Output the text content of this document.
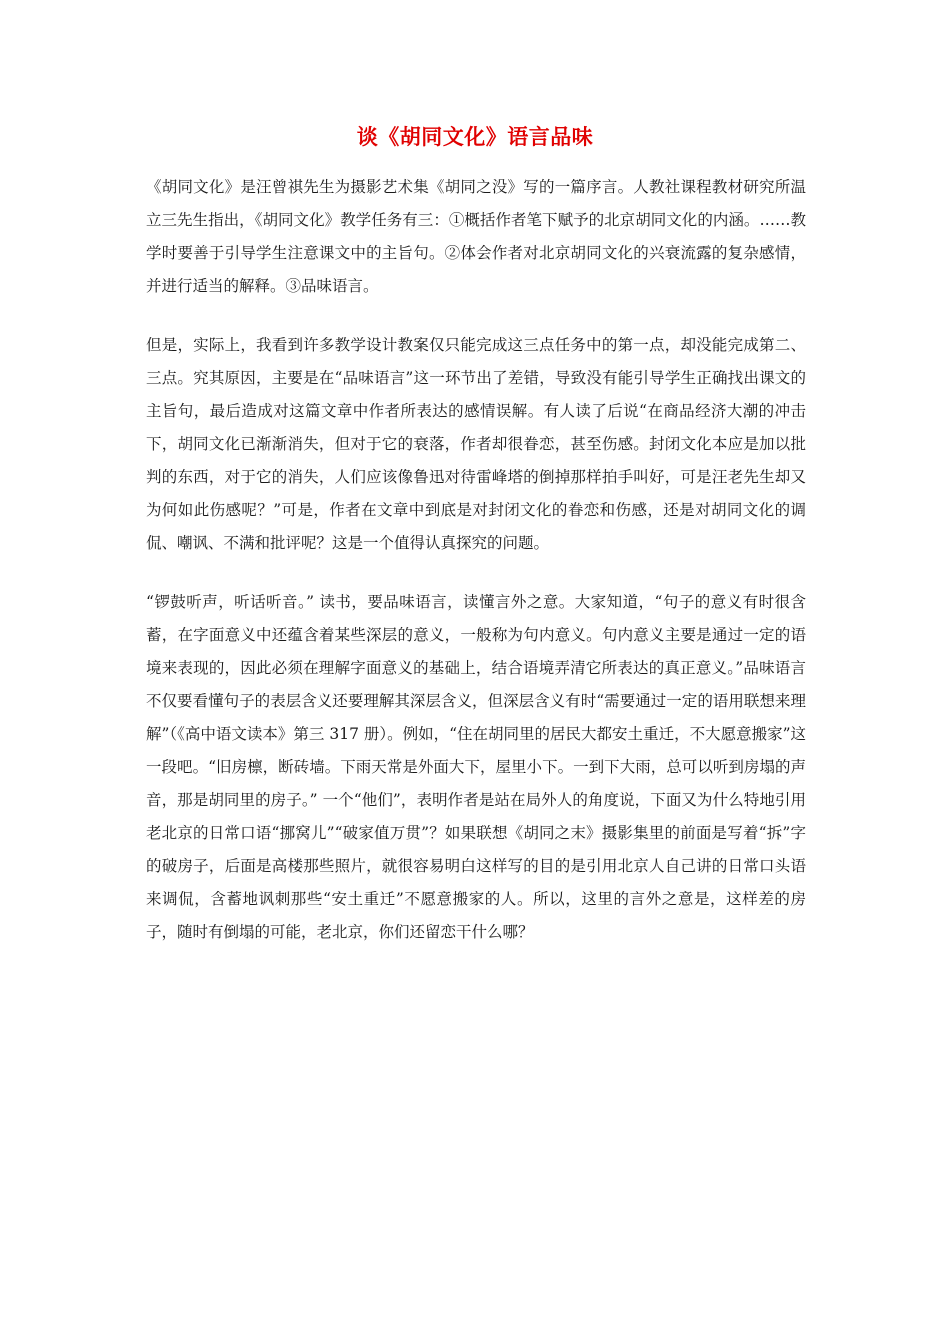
谈《胡同文化》语言品味

《胡同文化》是汪曾祺先生为摄影艺术集《胡同之没》写的一篇序言。人教社课程教材研究所温立三先生指出，《胡同文化》教学任务有三：①概括作者笔下赋予的北京胡同文化的内涵。……教学时要善于引导学生注意课文中的主旨句。②体会作者对北京胡同文化的兴衰流露的复杂感情，并进行适当的解释。③品味语言。

但是，实际上，我看到许多教学设计教案仅只能完成这三点任务中的第一点，却没能完成第二、三点。究其原因，主要是在“品味语言”这一环节出了差错，导致没有能引导学生正确找出课文的主旨句，最后造成对这篇文章中作者所表达的感情误解。有人读了后说“在商品经济大潮的冲击下，胡同文化已渐渐消失，但对于它的衰落，作者却很眷恋，甚至伤感。封闭文化本应是加以批判的东西，对于它的消失，人们应该像鲁迅对待雷峰塔的倒掉那样拍手叫好，可是汪老先生却又为何如此伤感呢？”可是，作者在文章中到底是对封闭文化的眷恋和伤感，还是对胡同文化的调侃、嘲讽、不满和批评呢？这是一个值得认真探究的问题。

“锣鼓听声，听话听音。” 读书，要品味语言，读懂言外之意。大家知道，“句子的意义有时很含蓄，在字面意义中还蕴含着某些深层的意义，一般称为句内意义。句内意义主要是通过一定的语境来表现的，因此必须在理解字面意义的基础上，结合语境弄清它所表达的真正意义。”品味语言不仅要看懂句子的表层含义还要理解其深层含义，但深层含义有时“需要通过一定的语用联想来理解”（《高中语文读本》第三 317 册）。例如，“住在胡同里的居民大都安土重迁，不大愿意搬家”这一段吧。“旧房檩，断砖墙。下雨天常是外面大下，屋里小下。一到下大雨，总可以听到房塌的声音，那是胡同里的房子。” 一个“他们”，表明作者是站在局外人的角度说，下面又为什么特地引用老北京的日常口语“挪窝儿”“破家值万贯”？如果联想《胡同之末》摄影集里的前面是写着“拆”字的破房子，后面是高楼那些照片，就很容易明白这样写的目的是引用北京人自己讲的日常口头语来调侃，含蓄地讽刺那些“安土重迁”不愿意搬家的人。所以，这里的言外之意是，这样差的房子，随时有倒塌的可能，老北京，你们还留恋干什么哪？
